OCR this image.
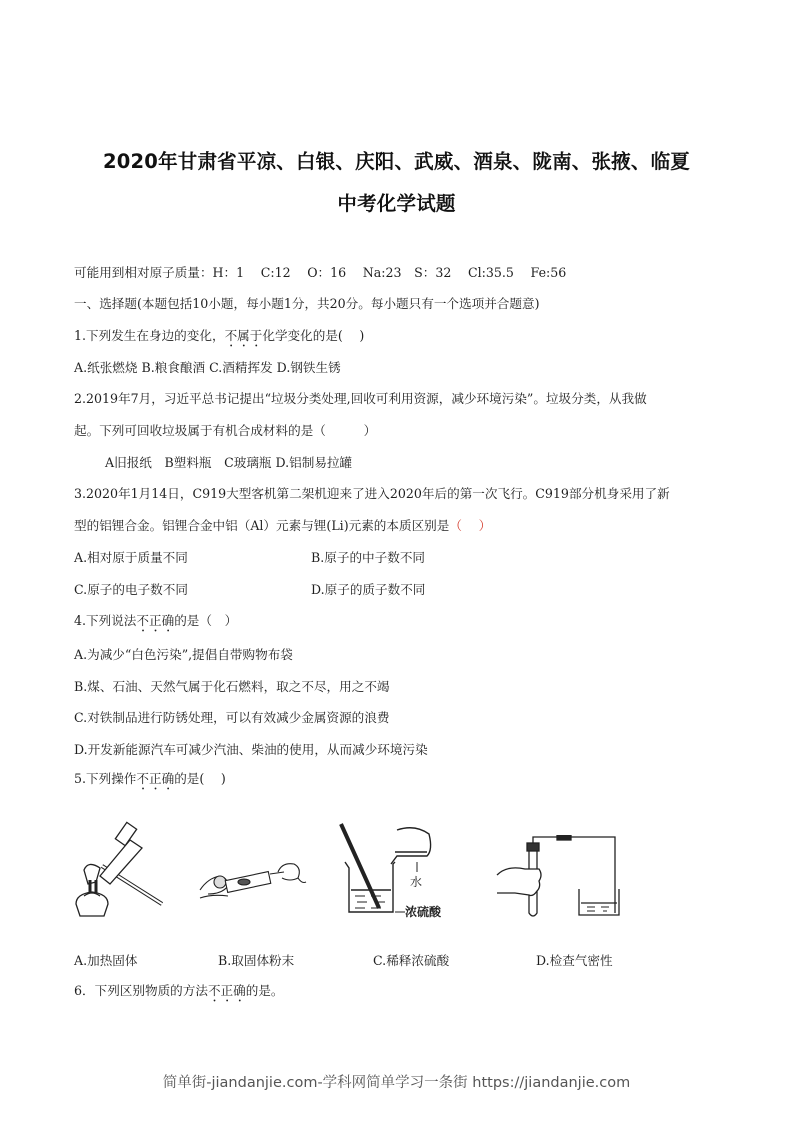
2020年甘肃省平凉、白银、庆阳、武威、酒泉、陇南、张掖、临夏
中考化学试题
可能用到相对原子质量：H：1　 C:12　 O：16　 Na:23　S：32　 Cl:35.5　 Fe:56
一、选择题(本题包括10小题，每小题1分，共20分。每小题只有一个选项并合题意)
1.下列发生在身边的变化，不属于化学变化的是(　 )
A.纸张燃烧 B.粮食酿酒 C.酒精挥发 D.钢铁生锈
2.2019年7月，习近平总书记提出“垃圾分类处理,回收可利用资源，减少环境污染”。垃圾分类，从我做
起。下列可回收垃圾属于有机合成材料的是（　　　）
A旧报纸　B塑料瓶　C玻璃瓶 D.铝制易拉罐
3.2020年1月14日，C919大型客机第二架机迎来了进入2020年后的第一次飞行。C919部分机身采用了新
型的铝锂合金。铝锂合金中铝（Al）元素与锂(Li)元素的本质区别是（　 ）
A.相对原于质量不同	B.原子的中子数不同
C.原子的电子数不同	D.原子的质子数不同
4.下列说法不正确的是（　）
A.为减少“白色污染”,提倡自带购物布袋
B.煤、石油、天然气属于化石燃料，取之不尽，用之不竭
C.对铁制品进行防锈处理，可以有效减少金属资源的浪费
D.开发新能源汽车可减少汽油、柴油的使用，从而减少环境污染
5.下列操作不正确的是(　 )
水
浓硫酸
A.加热固体	B.取固体粉末	C.稀释浓硫酸	D.检查气密性
6．下列区别物质的方法不正确的是。
简单街-jiandanjie.com-学科网简单学习一条街 https://jiandanjie.com
